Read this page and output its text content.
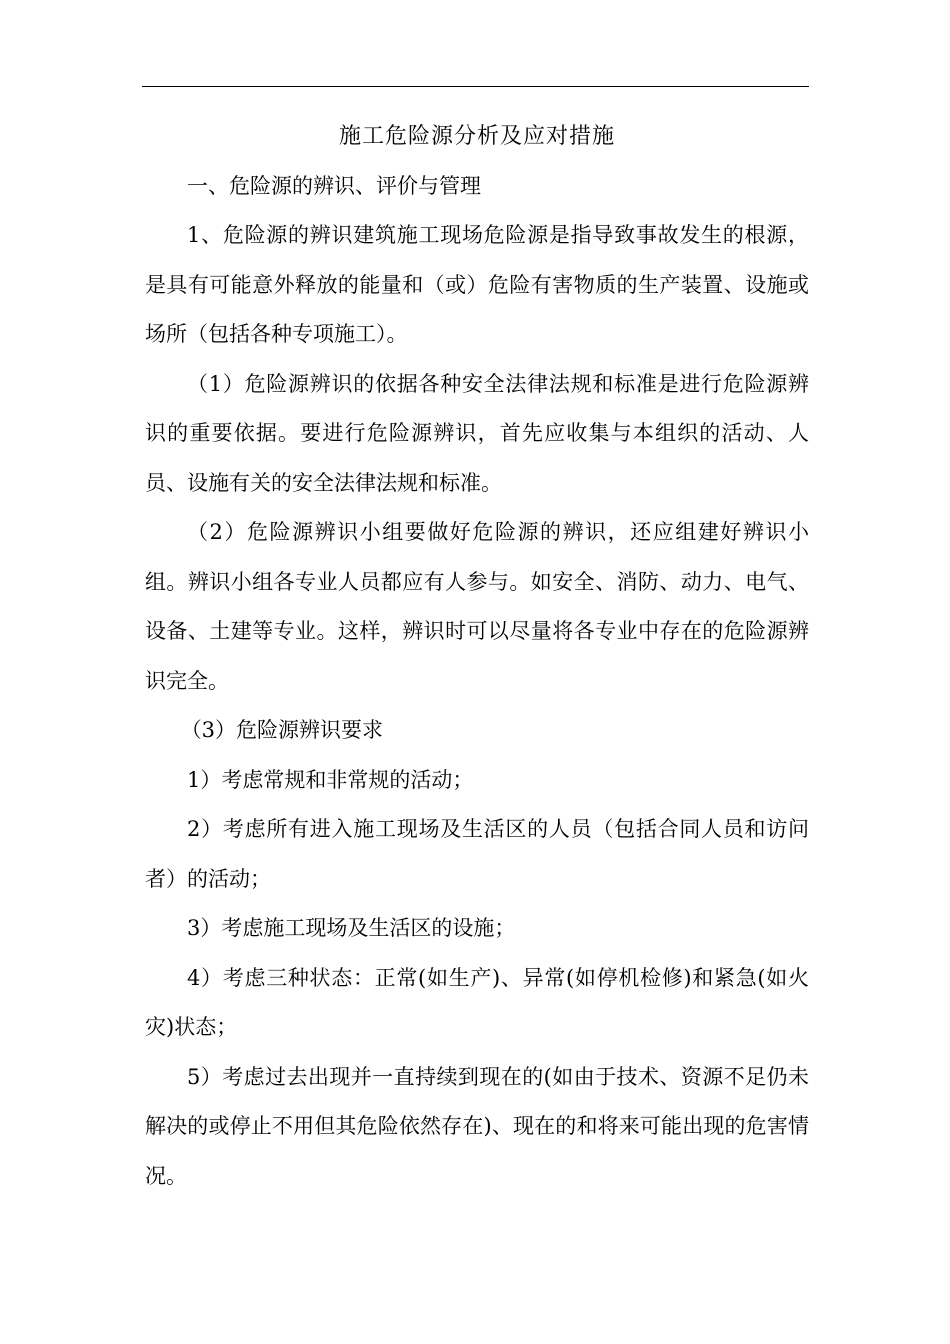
施工危险源分析及应对措施

一、危险源的辨识、评价与管理

1、危险源的辨识建筑施工现场危险源是指导致事故发生的根源，是具有可能意外释放的能量和（或）危险有害物质的生产装置、设施或场所（包括各种专项施工）。

（1）危险源辨识的依据各种安全法律法规和标准是进行危险源辨识的重要依据。要进行危险源辨识，首先应收集与本组织的活动、人员、设施有关的安全法律法规和标准。

（2）危险源辨识小组要做好危险源的辨识，还应组建好辨识小组。辨识小组各专业人员都应有人参与。如安全、消防、动力、电气、设备、土建等专业。这样，辨识时可以尽量将各专业中存在的危险源辨识完全。

（3）危险源辨识要求

1）考虑常规和非常规的活动；

2）考虑所有进入施工现场及生活区的人员（包括合同人员和访问者）的活动；

3）考虑施工现场及生活区的设施；

4）考虑三种状态：正常(如生产)、异常(如停机检修)和紧急(如火灾)状态；

5）考虑过去出现并一直持续到现在的(如由于技术、资源不足仍未解决的或停止不用但其危险依然存在)、现在的和将来可能出现的危害情况。
